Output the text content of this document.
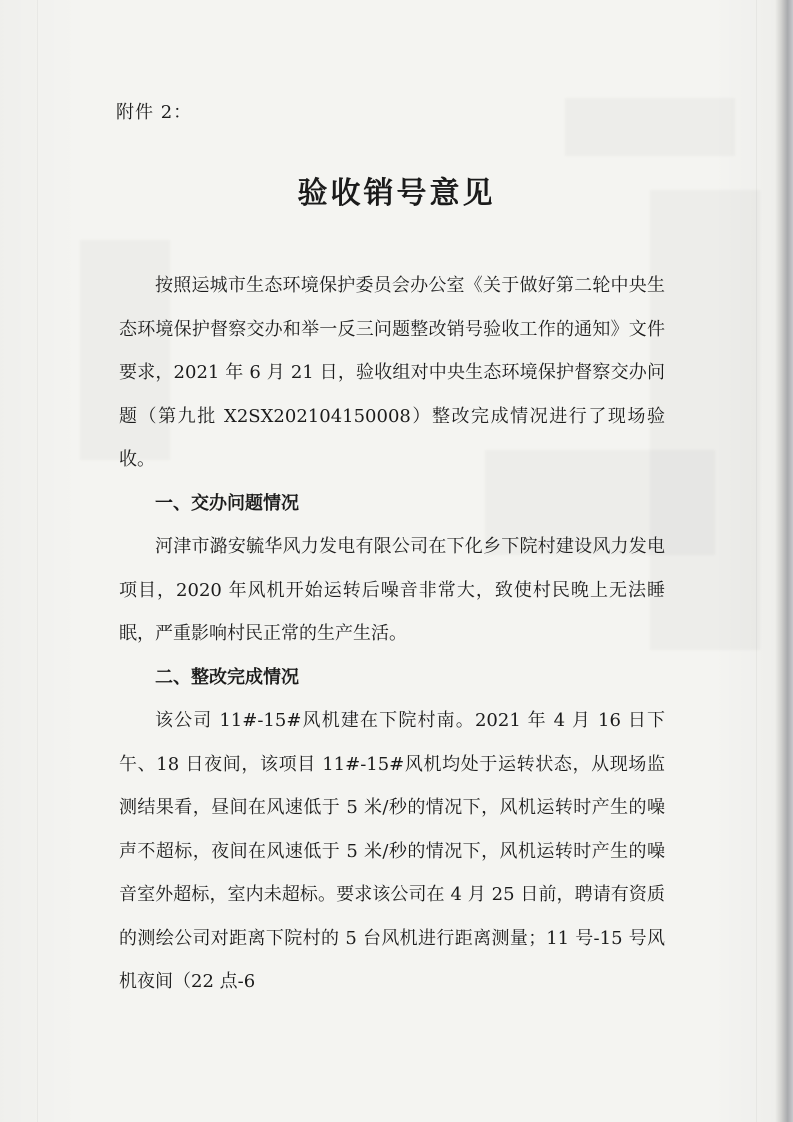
附件 2：
验收销号意见

按照运城市生态环境保护委员会办公室《关于做好第二轮中央生态环境保护督察交办和举一反三问题整改销号验收工作的通知》文件要求，2021 年 6 月 21 日，验收组对中央生态环境保护督察交办问题（第九批 X2SX202104150008）整改完成情况进行了现场验收。

一、交办问题情况

河津市潞安毓华风力发电有限公司在下化乡下院村建设风力发电项目，2020 年风机开始运转后噪音非常大，致使村民晚上无法睡眠，严重影响村民正常的生产生活。

二、整改完成情况

该公司 11#-15#风机建在下院村南。2021 年 4 月 16 日下午、18 日夜间，该项目 11#-15#风机均处于运转状态，从现场监测结果看，昼间在风速低于 5 米/秒的情况下，风机运转时产生的噪声不超标，夜间在风速低于 5 米/秒的情况下，风机运转时产生的噪音室外超标，室内未超标。要求该公司在 4 月 25 日前，聘请有资质的测绘公司对距离下院村的 5 台风机进行距离测量；11 号-15 号风机夜间（22 点-6
